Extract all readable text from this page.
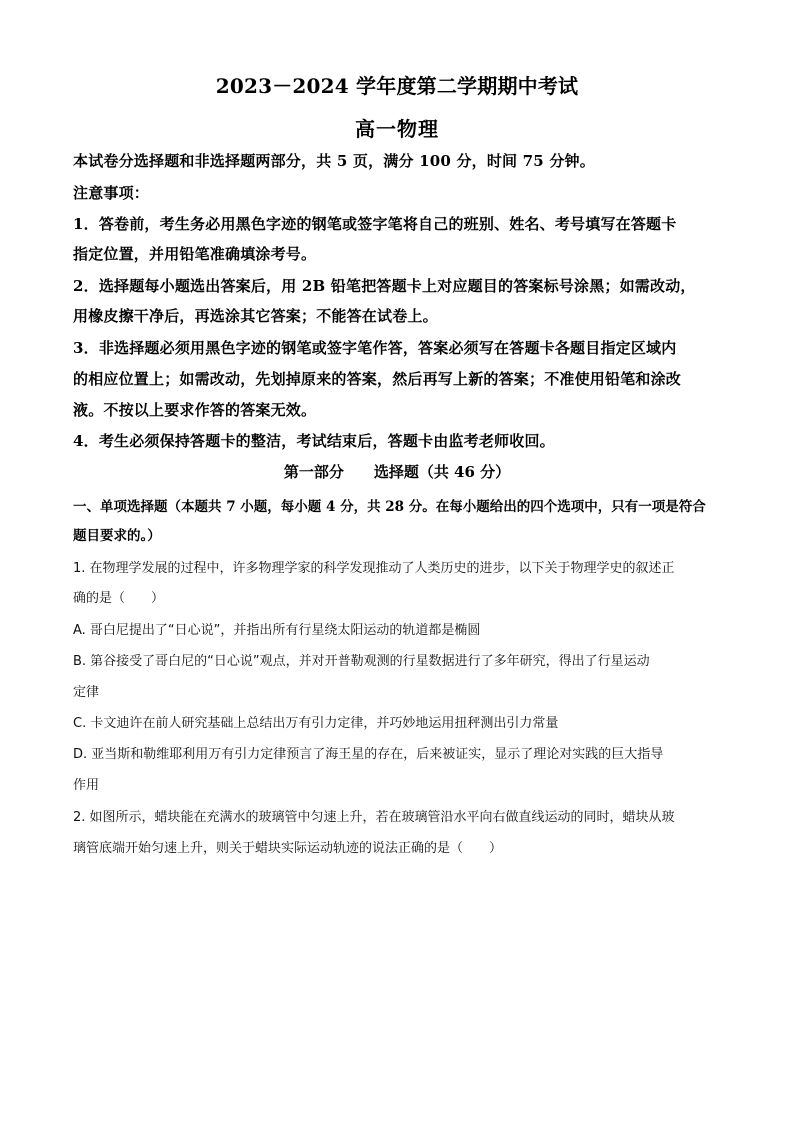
2023－2024 学年度第二学期期中考试
高一物理
本试卷分选择题和非选择题两部分，共 5 页，满分 100 分，时间 75 分钟。
注意事项：
1．答卷前，考生务必用黑色字迹的钢笔或签字笔将自己的班别、姓名、考号填写在答题卡
指定位置，并用铅笔准确填涂考号。
2．选择题每小题选出答案后，用 2B 铅笔把答题卡上对应题目的答案标号涂黑；如需改动，
用橡皮擦干净后，再选涂其它答案；不能答在试卷上。
3．非选择题必须用黑色字迹的钢笔或签字笔作答，答案必须写在答题卡各题目指定区域内
的相应位置上；如需改动，先划掉原来的答案，然后再写上新的答案；不准使用铅笔和涂改
液。不按以上要求作答的答案无效。
4．考生必须保持答题卡的整洁，考试结束后，答题卡由监考老师收回。
第一部分　　选择题（共 46 分）
一、单项选择题（本题共 7 小题，每小题 4 分，共 28 分。在每小题给出的四个选项中，只有一项是符合
题目要求的。）
1. 在物理学发展的过程中，许多物理学家的科学发现推动了人类历史的进步，以下关于物理学史的叙述正
确的是（　　）
A. 哥白尼提出了“日心说”，并指出所有行星绕太阳运动的轨道都是椭圆
B. 第谷接受了哥白尼的“日心说”观点，并对开普勒观测的行星数据进行了多年研究，得出了行星运动
定律
C. 卡文迪许在前人研究基础上总结出万有引力定律，并巧妙地运用扭秤测出引力常量
D. 亚当斯和勒维耶利用万有引力定律预言了海王星的存在，后来被证实，显示了理论对实践的巨大指导
作用
2. 如图所示，蜡块能在充满水的玻璃管中匀速上升，若在玻璃管沿水平向右做直线运动的同时，蜡块从玻
璃管底端开始匀速上升，则关于蜡块实际运动轨迹的说法正确的是（　　）
